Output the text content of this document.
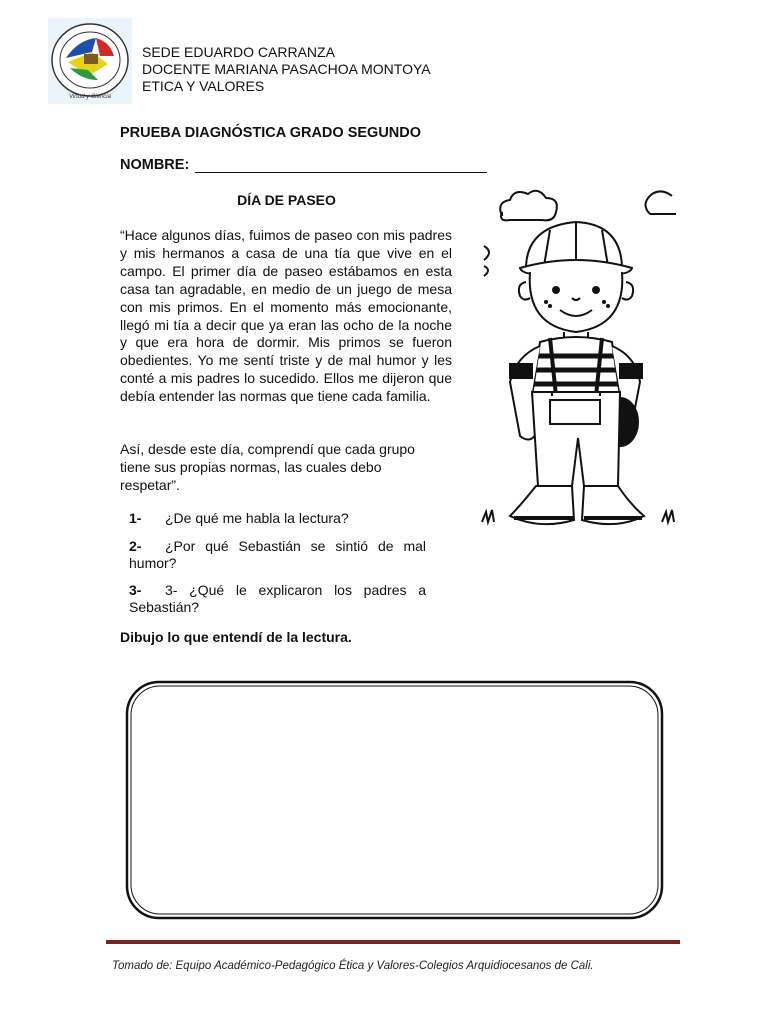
Virtud y Ciencia
SEDE EDUARDO CARRANZA
DOCENTE MARIANA PASACHOA MONTOYA
ETICA Y VALORES
PRUEBA DIAGNÓSTICA GRADO SEGUNDO
NOMBRE:
DÍA DE PASEO
“Hace algunos días, fuimos de paseo con mis padres y mis hermanos a casa de una tía que vive en el campo. El primer día de paseo estábamos en esta casa tan agradable, en medio de un juego de mesa con mis primos. En el momento más emocionante, llegó mi tía a decir que ya eran las ocho de la noche y que era hora de dormir. Mis primos se fueron obedientes. Yo me sentí triste y de mal humor y les conté a mis padres lo sucedido. Ellos me dijeron que debía entender las normas que tiene cada familia.
Así, desde este día, comprendí que cada grupo tiene sus propias normas, las cuales debo respetar”.
1- ¿De qué me habla la lectura?
2- ¿Por qué Sebastián se sintió de mal humor?
3- 3- ¿Qué le explicaron los padres a Sebastián?
Dibujo lo que entendí de la lectura.
Tomado de: Equipo Académico-Pedagógico Ética y Valores-Colegios Arquidiocesanos de Cali.
